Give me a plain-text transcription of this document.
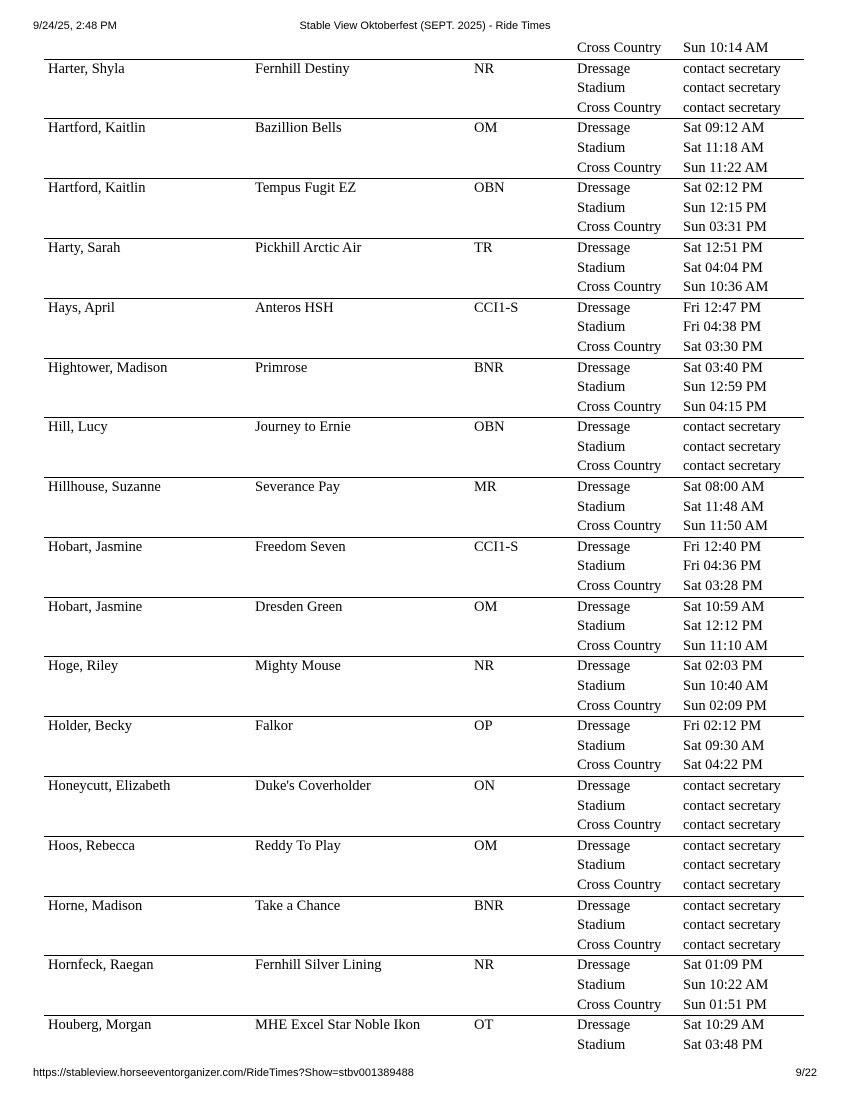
9/24/25, 2:48 PM	Stable View Oktoberfest (SEPT. 2025) - Ride Times
Cross Country Sun 10:14 AM
Harter, Shyla	Fernhill Destiny	NR	Dressage	contact secretary
Stadium	contact secretary
Cross Country contact secretary
Hartford, Kaitlin	Bazillion Bells	OM	Dressage	Sat 09:12 AM
Stadium	Sat 11:18 AM
Cross Country Sun 11:22 AM
Hartford, Kaitlin	Tempus Fugit EZ	OBN	Dressage	Sat 02:12 PM
Stadium	Sun 12:15 PM
Cross Country Sun 03:31 PM
Harty, Sarah	Pickhill Arctic Air	TR	Dressage	Sat 12:51 PM
Stadium	Sat 04:04 PM
Cross Country Sun 10:36 AM
Hays, April	Anteros HSH	CCI1-S	Dressage	Fri 12:47 PM
Stadium	Fri 04:38 PM
Cross Country Sat 03:30 PM
Hightower, Madison	Primrose	BNR	Dressage	Sat 03:40 PM
Stadium	Sun 12:59 PM
Cross Country Sun 04:15 PM
Hill, Lucy	Journey to Ernie	OBN	Dressage	contact secretary
Stadium	contact secretary
Cross Country contact secretary
Hillhouse, Suzanne	Severance Pay	MR	Dressage	Sat 08:00 AM
Stadium	Sat 11:48 AM
Cross Country Sun 11:50 AM
Hobart, Jasmine	Freedom Seven	CCI1-S	Dressage	Fri 12:40 PM
Stadium	Fri 04:36 PM
Cross Country Sat 03:28 PM
Hobart, Jasmine	Dresden Green	OM	Dressage	Sat 10:59 AM
Stadium	Sat 12:12 PM
Cross Country Sun 11:10 AM
Hoge, Riley	Mighty Mouse	NR	Dressage	Sat 02:03 PM
Stadium	Sun 10:40 AM
Cross Country Sun 02:09 PM
Holder, Becky	Falkor	OP	Dressage	Fri 02:12 PM
Stadium	Sat 09:30 AM
Cross Country Sat 04:22 PM
Honeycutt, Elizabeth	Duke's Coverholder	ON	Dressage	contact secretary
Stadium	contact secretary
Cross Country contact secretary
Hoos, Rebecca	Reddy To Play	OM	Dressage	contact secretary
Stadium	contact secretary
Cross Country contact secretary
Horne, Madison	Take a Chance	BNR	Dressage	contact secretary
Stadium	contact secretary
Cross Country contact secretary
Hornfeck, Raegan	Fernhill Silver Lining	NR	Dressage	Sat 01:09 PM
Stadium	Sun 10:22 AM
Cross Country Sun 01:51 PM
Houberg, Morgan	MHE Excel Star Noble Ikon	OT	Dressage	Sat 10:29 AM
Stadium	Sat 03:48 PM
https://stableview.horseeventorganizer.com/RideTimes?Show=stbv001389488	9/22
